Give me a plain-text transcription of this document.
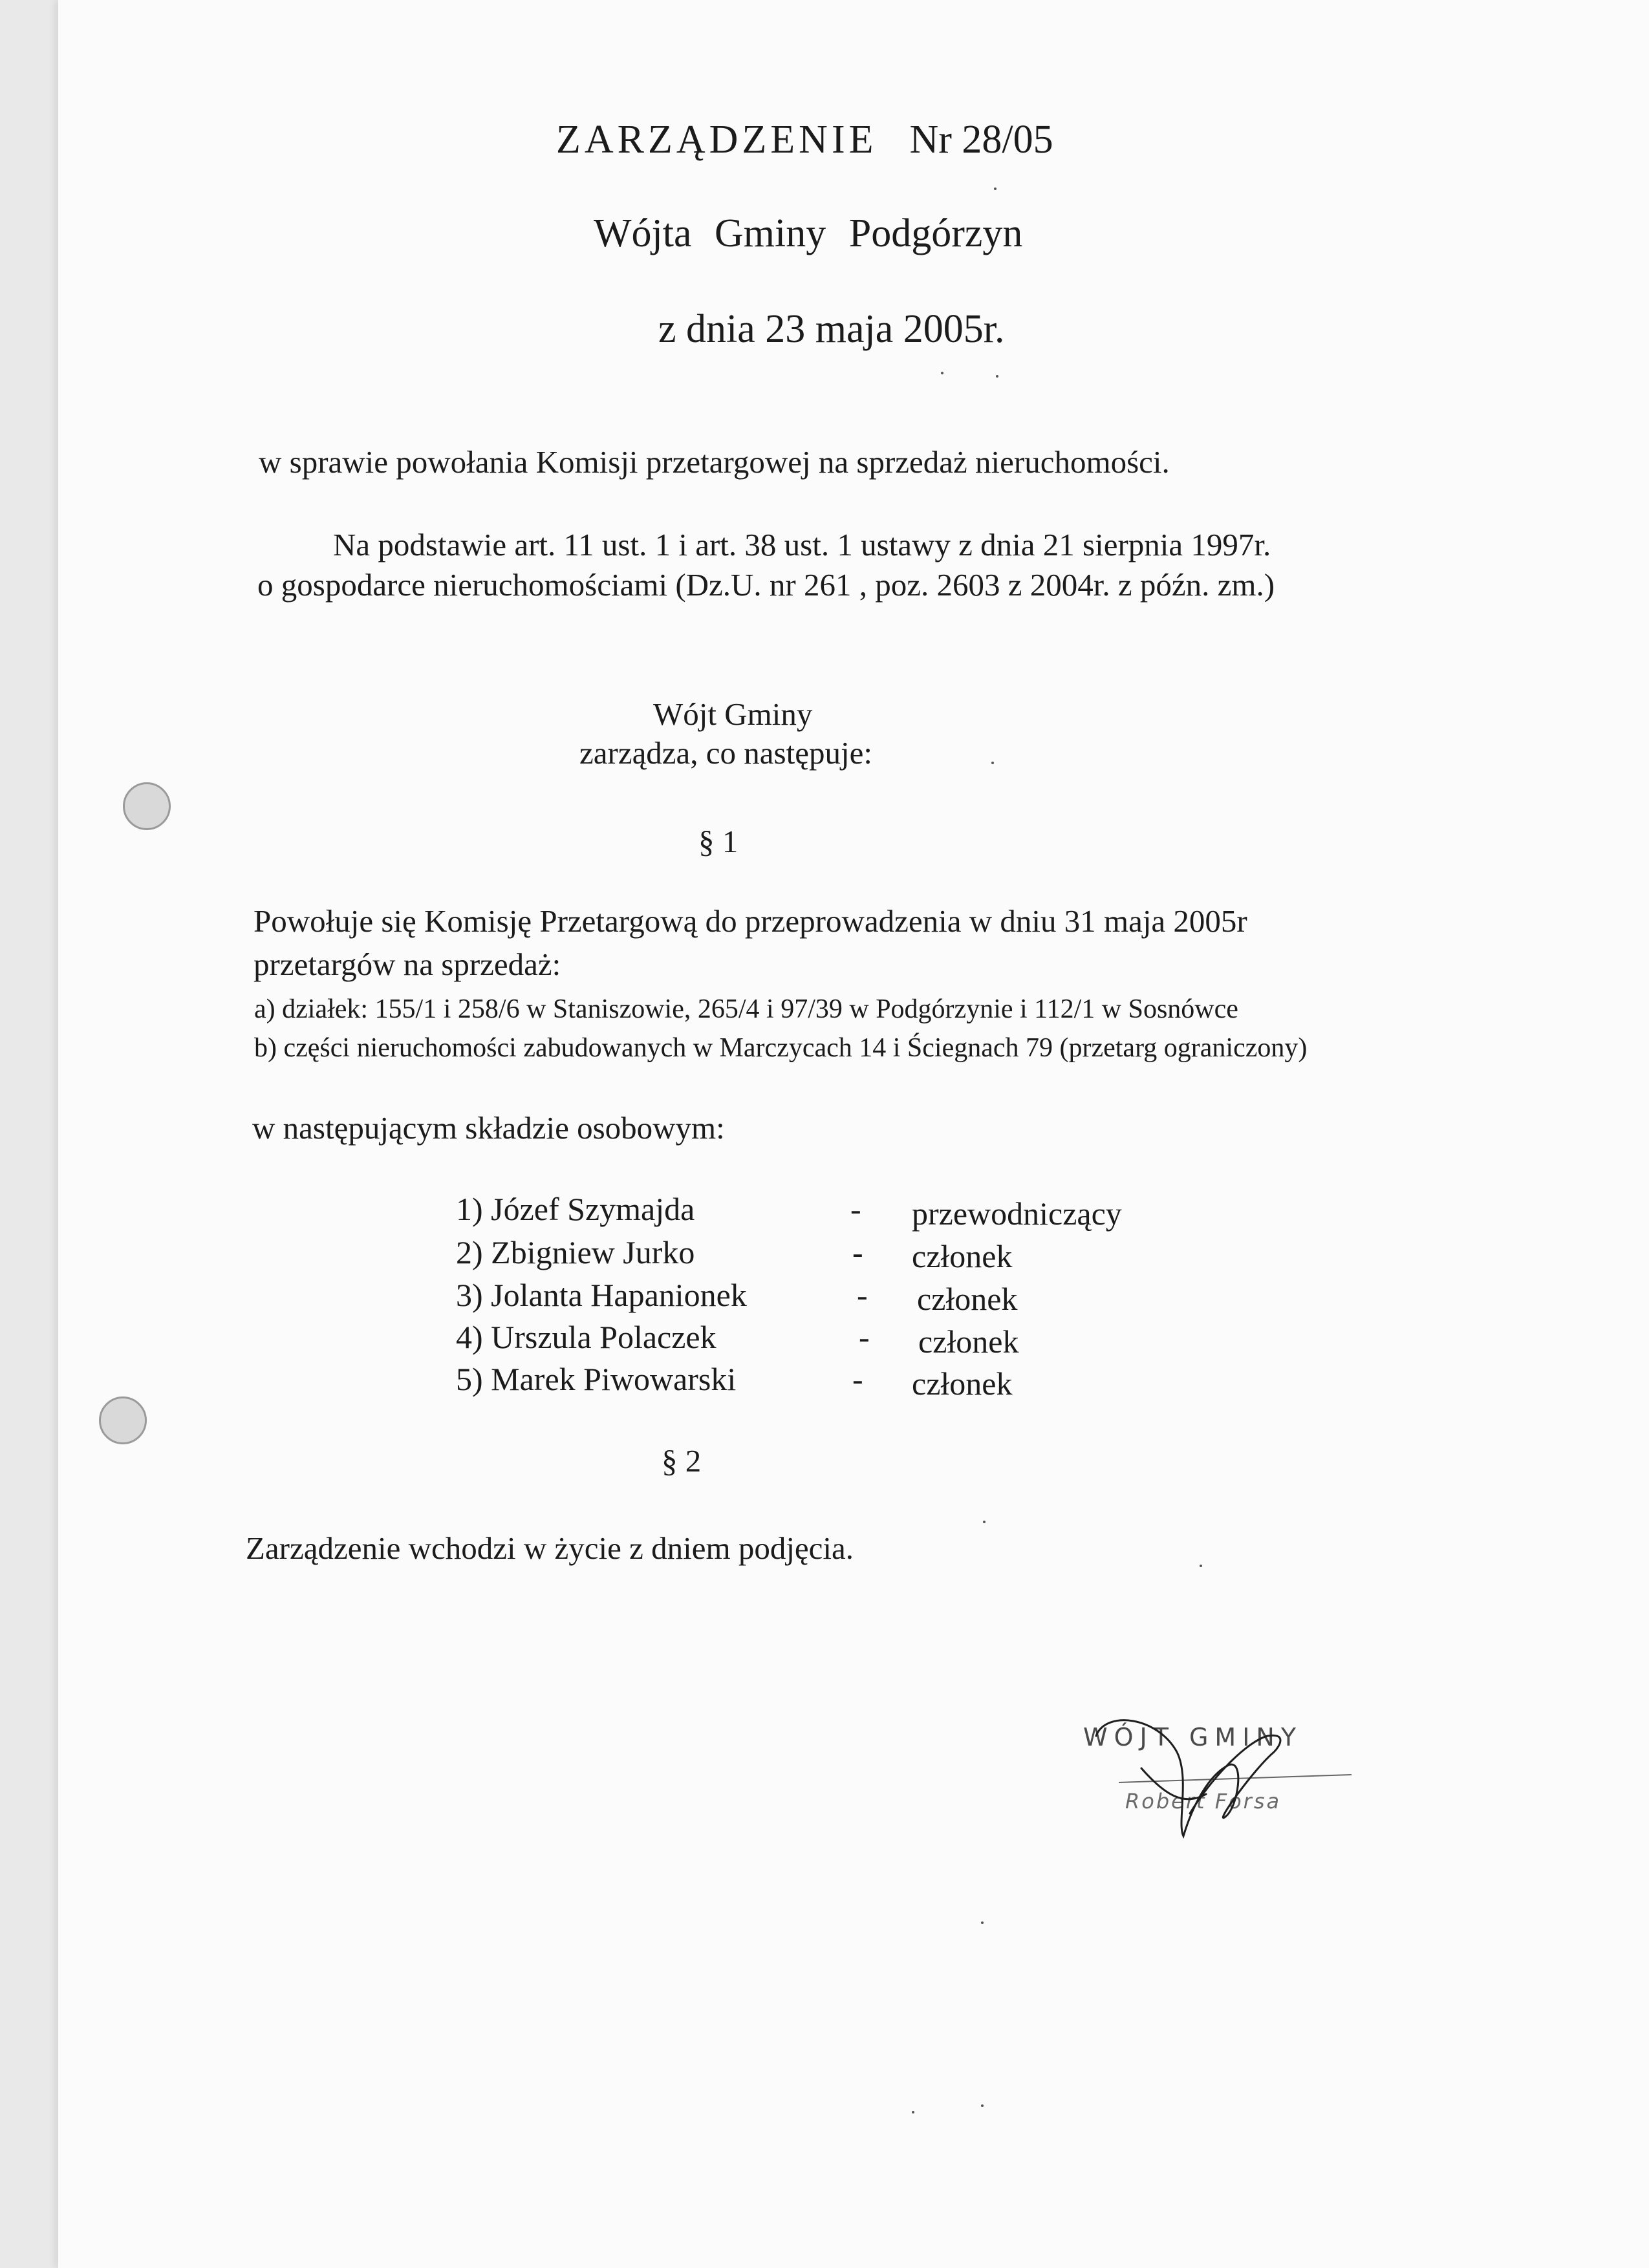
ZARZĄDZENIE Nr 28/05
Wójta Gminy Podgórzyn
z dnia 23 maja 2005r.
w sprawie powołania Komisji przetargowej na sprzedaż nieruchomości.
Na podstawie art. 11 ust. 1 i art. 38 ust. 1 ustawy z dnia 21 sierpnia 1997r.
o gospodarce nieruchomościami (Dz.U. nr 261 , poz. 2603 z 2004r. z późn. zm.)
Wójt Gminy
zarządza, co następuje:
§ 1
Powołuje się Komisję Przetargową do przeprowadzenia w dniu 31 maja 2005r
przetargów na sprzedaż:
a) działek: 155/1 i 258/6 w Staniszowie, 265/4 i 97/39 w Podgórzynie i 112/1 w Sosnówce
b) części nieruchomości zabudowanych w Marczycach 14 i Ściegnach 79 (przetarg ograniczony)
w następującym składzie osobowym:
1) Józef Szymajda	- przewodniczący
2) Zbigniew Jurko	- członek
3) Jolanta Hapanionek	- członek
4) Urszula Polaczek	- członek
5) Marek Piwowarski	- członek
§ 2
Zarządzenie wchodzi w życie z dniem podjęcia.
WÓJT GMINY
Robert Forsa
